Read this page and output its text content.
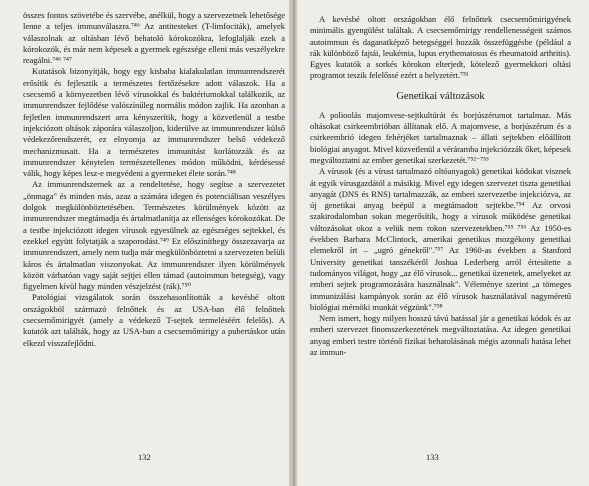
összes fontos szövetébe és szervébe, anélkül, hogy a szervezetnek lehetősége lenne a teljes immunválaszra.⁷⁴⁶ Az antitesteket (T-limfociták), amelyek válaszolnak az oltásban lévő behatoló kórokozókra, lefoglalják ezek a kórokozók, és már nem képesek a gyermek egészsége elleni más veszélyekre reagálni.⁷⁴⁶ ⁷⁴⁷

Kutatások bizonyítják, hogy egy kisbaba kialakulatlan immunrendszerét erősítik és fejlesztik a természetes fertőzésekre adott válaszok. Ha a csecsemő a környezetben lévő vírusokkal és baktériumokkal találkozik, az immunrendszer fejlődése valószínűleg normális módon zajlik. Ha azonban a fejletlen immunrendszert arra kényszerítik, hogy a közvetlenül a testbe injekciózott oltások záporára válaszoljon, kiderülve az immunrendszer külső védekezőrendszerét, ez elnyomja az immunrendszer belső védekező mechanizmusait. Ha a természetes immunitást korlátozzák és az immunrendszer kénytelen természetellenes módon működni, kérdésessé válik, hogy képes lesz-e megvédeni a gyermeket élete során.⁷⁴⁸

Az immunrendszernek az a rendeltetése, hogy segítse a szervezetet „önmaga" és minden más, azaz a számára idegen és potenciálisan veszélyes dolgok megkülönböztetésében. Természetes körülmények között az immunrendszer megtámadja és ártalmatlanítja az ellenséges kórokozókat. De a testbe injekciózott idegen vírusok egyesülnek az egészséges sejtekkel, és ezekkel együtt folytatják a szaporodást.⁷⁴⁹ Ez elősziníthegy összezavarja az immunrendszert, amely nem tudja már megkülönböztetni a szervezeten belüli káros és ártalmatlan viszonyokat. Az immunrendszer ilyen körülmények között várhatóan vagy saját sejtjei ellen támad (autoimmun betegség), vagy figyelmen kívül hagy minden vészjelzést (rák).⁷⁵⁰

Patológiai vizsgálatok során összehasonlították a kevésbé oltott országokból származó felnőttek és az USA-ban élő felnőttek csecsemőmirigyét (amely a védekező T-sejtek termeléséért felelős). A kutatók azt találták, hogy az USA-ban a csecsemőmirigy a pubertáskor után elkezd visszafejlődni.

132

A kevésbé oltott országokban élő felnőttek csecsemőmirigyének minimális gyengülést találtak. A csecsemőmirigy rendellenességeit számos autoimmun és daganatképző betegséggel hozzák összefüggésbe (például a rák különböző fajtái, leukémia, lupus erythematosus és rheumatoid arthritis). Egyes kutatók a sorkés kórokon elterjedt, kötelező gyermekkori oltási programot teszik felelőssé ezért a helyzetért.⁷⁵¹

Genetikai változások

A polioolás majomvese-sejtkultúrát és borjúszérumot tartalmaz. Más oltásokat csirkeembrióban állítanak elő. A majomvese, a borjúszérum és a csirkeembrió idegen fehérjéket tartalmaznak – állati sejtekben előállított biológiai anyagot. Mivel közvetlenül a véráramba injekciózzák őket, képesek megváltoztatni az ember genetikai szerkezetét.⁷⁵²⁻⁷⁵³

A vírusok (és a vírust tartalmazó oltóanyagok) genetikai kódokat visznek át egyik vírusgazdától a másikig. Mivel egy idegen szervezet tiszta genetikai anyagát (DNS és RNS) tartalmazzák, az emberi szervezetbe injekciózva, az új genetikai anyag beépül a megtámadott sejtekbe.⁷⁵⁴ Az orvosi szakirodalomban sokan megerősítik, hogy a vírusok működése genetikai változásokat okoz a velük nem rokon szervezetekben.⁷⁵⁵ ⁷⁵⁶ Az 1950-es években Barbara McClintock, amerikai genetikus mozgékony genetikai elemekről írt – „ugró génekről".⁷⁵⁷ Az 1960-as években a Stanford University genetikai tanszékéről Joshua Lederberg arról értesítette a tudományos világot, hogy „az élő vírusok... genetikai üzenetek, amelyeket az emberi sejtek programozására használnak". Véleménye szerint „a tömeges immunizálási kampányok során az élő vírusok használatával nagyméretű biológiai mérnöki munkát végzünk".⁷⁵⁸

Nem ismert, hogy milyen hosszú távú hatással jár a genetikai kódok és az emberi szervezet finomszerkezetének megváltoztatása. Az idegen genetikai anyag emberi testre történő fizikai behatolásának mégis azonnali hatása lehet az immun-

133
